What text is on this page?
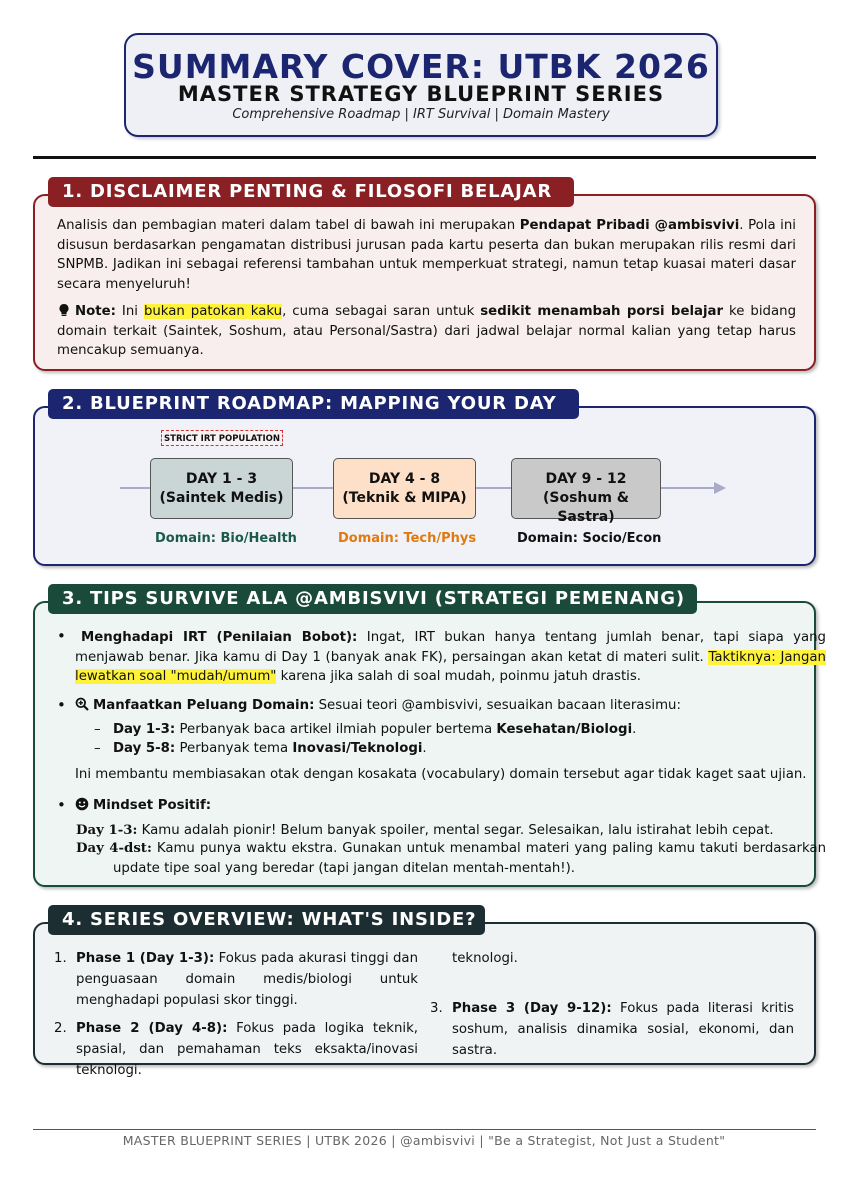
SUMMARY COVER: UTBK 2026
MASTER STRATEGY BLUEPRINT SERIES
Comprehensive Roadmap | IRT Survival | Domain Mastery
Analisis dan pembagian materi dalam tabel di bawah ini merupakan Pendapat Pribadi @ambisvivi. Pola ini disusun berdasarkan pengamatan distribusi jurusan pada kartu peserta dan bukan merupakan rilis resmi dari SNPMB. Jadikan ini sebagai referensi tambahan untuk memperkuat strategi, namun tetap kuasai materi dasar secara menyeluruh!
Note: Ini bukan patokan kaku, cuma sebagai saran untuk sedikit menambah porsi belajar ke bidang domain terkait (Saintek, Soshum, atau Personal/Sastra) dari jadwal belajar normal kalian yang tetap harus mencakup semuanya.
1. DISCLAIMER PENTING & FILOSOFI BELAJAR
2. BLUEPRINT ROADMAP: MAPPING YOUR DAY
STRICT IRT POPULATION
DAY 1 - 3
(Saintek Medis)
DAY 4 - 8
(Teknik & MIPA)
DAY 9 - 12
(Soshum & Sastra)
Domain: Bio/Health	Domain: Tech/Phys	Domain: Socio/Econ
3. TIPS SURVIVE ALA @AMBISVIVI (STRATEGI PEMENANG)
•	Menghadapi IRT (Penilaian Bobot): Ingat, IRT bukan hanya tentang jumlah benar, tapi siapa yang menjawab benar. Jika kamu di Day 1 (banyak anak FK), persaingan akan ketat di materi sulit. Taktiknya: Jangan lewatkan soal "mudah/umum" karena jika salah di soal mudah, poinmu jatuh drastis.
•	Manfaatkan Peluang Domain: Sesuai teori @ambisvivi, sesuaikan bacaan literasimu:
– Day 1-3: Perbanyak baca artikel ilmiah populer bertema Kesehatan/Biologi.
– Day 5-8: Perbanyak tema Inovasi/Teknologi.
Ini membantu membiasakan otak dengan kosakata (vocabulary) domain tersebut agar tidak kaget saat ujian.
•	Mindset Positif:
Day 1-3: Kamu adalah pionir! Belum banyak spoiler, mental segar. Selesaikan, lalu istirahat lebih cepat.
Day 4-dst: Kamu punya waktu ekstra. Gunakan untuk menambal materi yang paling kamu takuti berdasarkan update tipe soal yang beredar (tapi jangan ditelan mentah-mentah!).
4. SERIES OVERVIEW: WHAT'S INSIDE?
1. Phase 1 (Day 1-3): Fokus pada akurasi tinggi dan penguasaan domain medis/biologi untuk menghadapi populasi skor tinggi.
2. Phase 2 (Day 4-8): Fokus pada logika teknik, spasial, dan pemahaman teks eksakta/inovasi teknologi.
teknologi.
3. Phase 3 (Day 9-12): Fokus pada literasi kritis soshum, analisis dinamika sosial, ekonomi, dan sastra.
MASTER BLUEPRINT SERIES | UTBK 2026 | @ambisvivi | "Be a Strategist, Not Just a Student"
